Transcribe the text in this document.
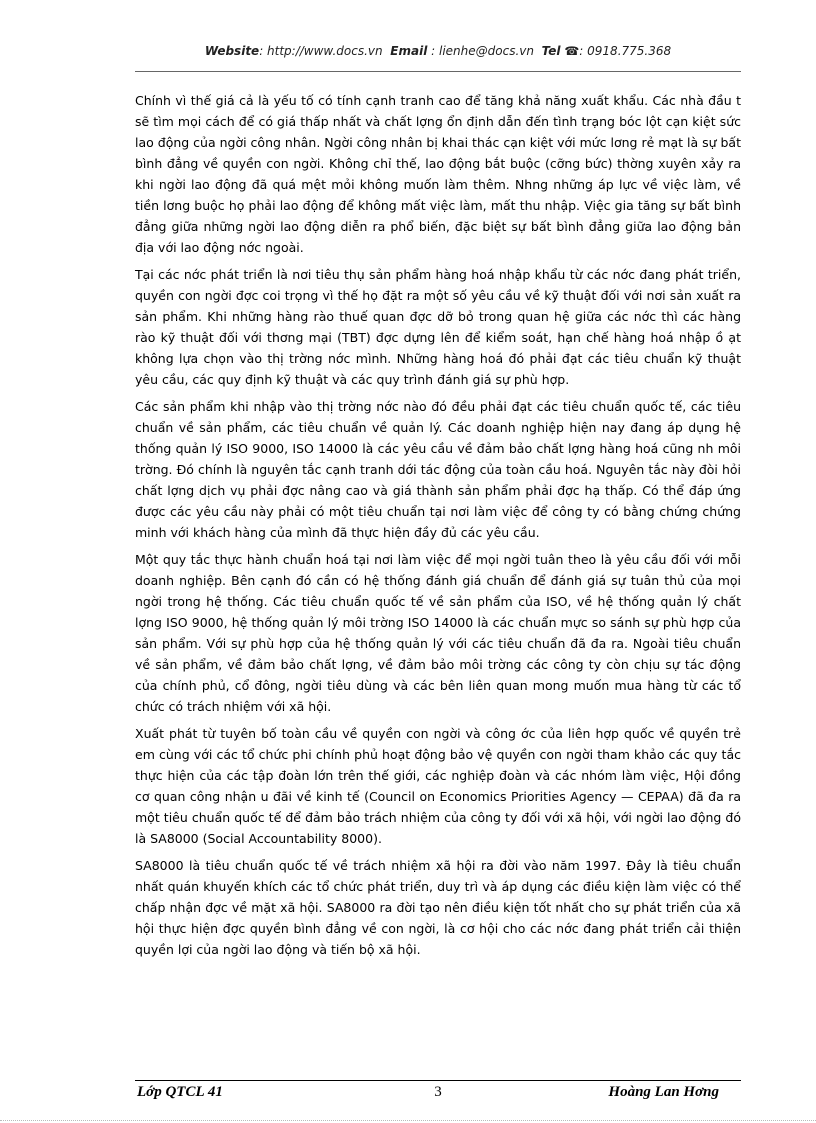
Website: http://www.docs.vn Email : lienhe@docs.vn Tel ☎: 0918.775.368

Chính vì thế giá cả là yếu tố có tính cạnh tranh cao để tăng khả năng xuất khẩu. Các nhà đầu t sẽ tìm mọi cách để có giá thấp nhất và chất lợng ổn định dẫn đến tình trạng bóc lột cạn kiệt sức lao động của ngời công nhân. Ngời công nhân bị khai thác cạn kiệt với mức lơng rẻ mạt là sự bất bình đẳng về quyền con ngời. Không chỉ thế, lao động bắt buộc (cỡng bức) thờng xuyên xảy ra khi ngời lao động đã quá mệt mỏi không muốn làm thêm. Nhng những áp lực về việc làm, về tiền lơng buộc họ phải lao động để không mất việc làm, mất thu nhập. Việc gia tăng sự bất bình đẳng giữa những ngời lao động diễn ra phổ biến, đặc biệt sự bất bình đẳng giữa lao động bản địa với lao động nớc ngoài.

Tại các nớc phát triển là nơi tiêu thụ sản phẩm hàng hoá nhập khẩu từ các nớc đang phát triển, quyền con ngời đợc coi trọng vì thế họ đặt ra một số yêu cầu về kỹ thuật đối với nơi sản xuất ra sản phẩm. Khi những hàng rào thuế quan đợc dỡ bỏ trong quan hệ giữa các nớc thì các hàng rào kỹ thuật đối với thơng mại (TBT) đợc dựng lên để kiểm soát, hạn chế hàng hoá nhập ồ ạt không lựa chọn vào thị trờng nớc mình. Những hàng hoá đó phải đạt các tiêu chuẩn kỹ thuật yêu cầu, các quy định kỹ thuật và các quy trình đánh giá sự phù hợp.

Các sản phẩm khi nhập vào thị trờng nớc nào đó đều phải đạt các tiêu chuẩn quốc tế, các tiêu chuẩn về sản phẩm, các tiêu chuẩn về quản lý. Các doanh nghiệp hiện nay đang áp dụng hệ thống quản lý ISO 9000, ISO 14000 là các yêu cầu về đảm bảo chất lợng hàng hoá cũng nh môi trờng. Đó chính là nguyên tắc cạnh tranh dới tác động của toàn cầu hoá. Nguyên tắc này đòi hỏi chất lợng dịch vụ phải đợc nâng cao và giá thành sản phẩm phải đợc hạ thấp. Có thể đáp ứng được các yêu cầu này phải có một tiêu chuẩn tại nơi làm việc để công ty có bằng chứng chứng minh với khách hàng của mình đã thực hiện đầy đủ các yêu cầu.

Một quy tắc thực hành chuẩn hoá tại nơi làm việc để mọi ngời tuân theo là yêu cầu đối với mỗi doanh nghiệp. Bên cạnh đó cần có hệ thống đánh giá chuẩn để đánh giá sự tuân thủ của mọi ngời trong hệ thống. Các tiêu chuẩn quốc tế về sản phẩm của ISO, về hệ thống quản lý chất lợng ISO 9000, hệ thống quản lý môi trờng ISO 14000 là các chuẩn mực so sánh sự phù hợp của sản phẩm. Với sự phù hợp của hệ thống quản lý với các tiêu chuẩn đã đa ra. Ngoài tiêu chuẩn về sản phẩm, về đảm bảo chất lợng, về đảm bảo môi trờng các công ty còn chịu sự tác động của chính phủ, cổ đông, ngời tiêu dùng và các bên liên quan mong muốn mua hàng từ các tổ chức có trách nhiệm với xã hội.

Xuất phát từ tuyên bố toàn cầu về quyền con ngời và công ớc của liên hợp quốc về quyền trẻ em cùng với các tổ chức phi chính phủ hoạt động bảo vệ quyền con ngời tham khảo các quy tắc thực hiện của các tập đoàn lớn trên thế giới, các nghiệp đoàn và các nhóm làm việc, Hội đồng cơ quan công nhận u đãi về kinh tế (Council on Economics Priorities Agency — CEPAA) đã đa ra một tiêu chuẩn quốc tế để đảm bảo trách nhiệm của công ty đối với xã hội, với ngời lao động đó là SA8000 (Social Accountability 8000).

SA8000 là tiêu chuẩn quốc tế về trách nhiệm xã hội ra đời vào năm 1997. Đây là tiêu chuẩn nhất quán khuyến khích các tổ chức phát triển, duy trì và áp dụng các điều kiện làm việc có thể chấp nhận đợc về mặt xã hội. SA8000 ra đời tạo nên điều kiện tốt nhất cho sự phát triển của xã hội thực hiện đợc quyền bình đẳng về con ngời, là cơ hội cho các nớc đang phát triển cải thiện quyền lợi của ngời lao động và tiến bộ xã hội.

Lớp QTCL 41	3	Hoàng Lan Hơng
